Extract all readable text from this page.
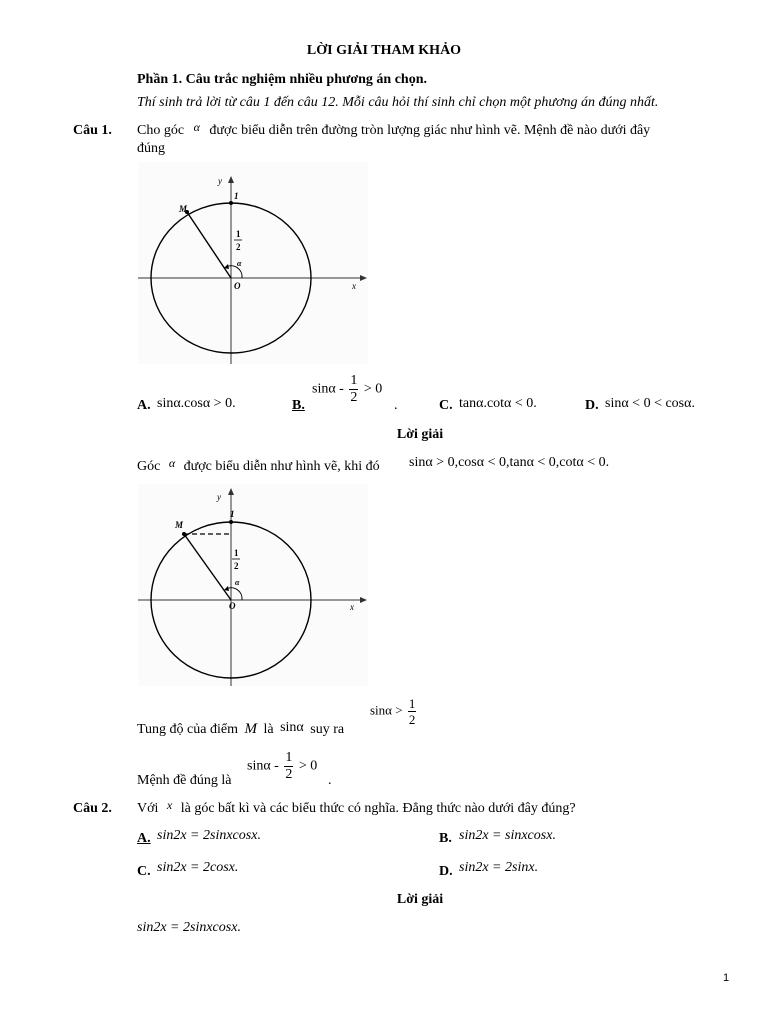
LỜI GIẢI THAM KHẢO
Phần 1. Câu trắc nghiệm nhiều phương án chọn.
Thí sinh trả lời từ câu 1 đến câu 12. Mỗi câu hỏi thí sinh chỉ chọn một phương án đúng nhất.
Câu 1. Cho góc α được biểu diễn trên đường tròn lượng giác như hình vẽ. Mệnh đề nào dưới đây
đúng
y
x
M
O
1
1
2
α
A. sinα.cosα > 0.	B.
$\sin\alpha - \frac{1}{2} > 0$
.	C. tanα.cotα < 0.	D. sinα < 0 < cosα.
Lời giải
Góc α được biểu diễn như hình vẽ, khi đó sinα > 0,cosα < 0,tanα < 0,cotα < 0.
y
x
M
O
1
1
2
α
Tung độ của điểm M là sinα suy ra
$\sin\alpha > \frac{1}{2}$
Mệnh đề đúng là
$\sin\alpha - \frac{1}{2} > 0$
.
Câu 2. Với x là góc bất kì và các biểu thức có nghĩa. Đẳng thức nào dưới đây đúng?
A. sin2x = 2sinxcosx.	B. sin2x = sinxcosx.
C. sin2x = 2cosx.	D. sin2x = 2sinx.
Lời giải
sin2x = 2sinxcosx.
1
